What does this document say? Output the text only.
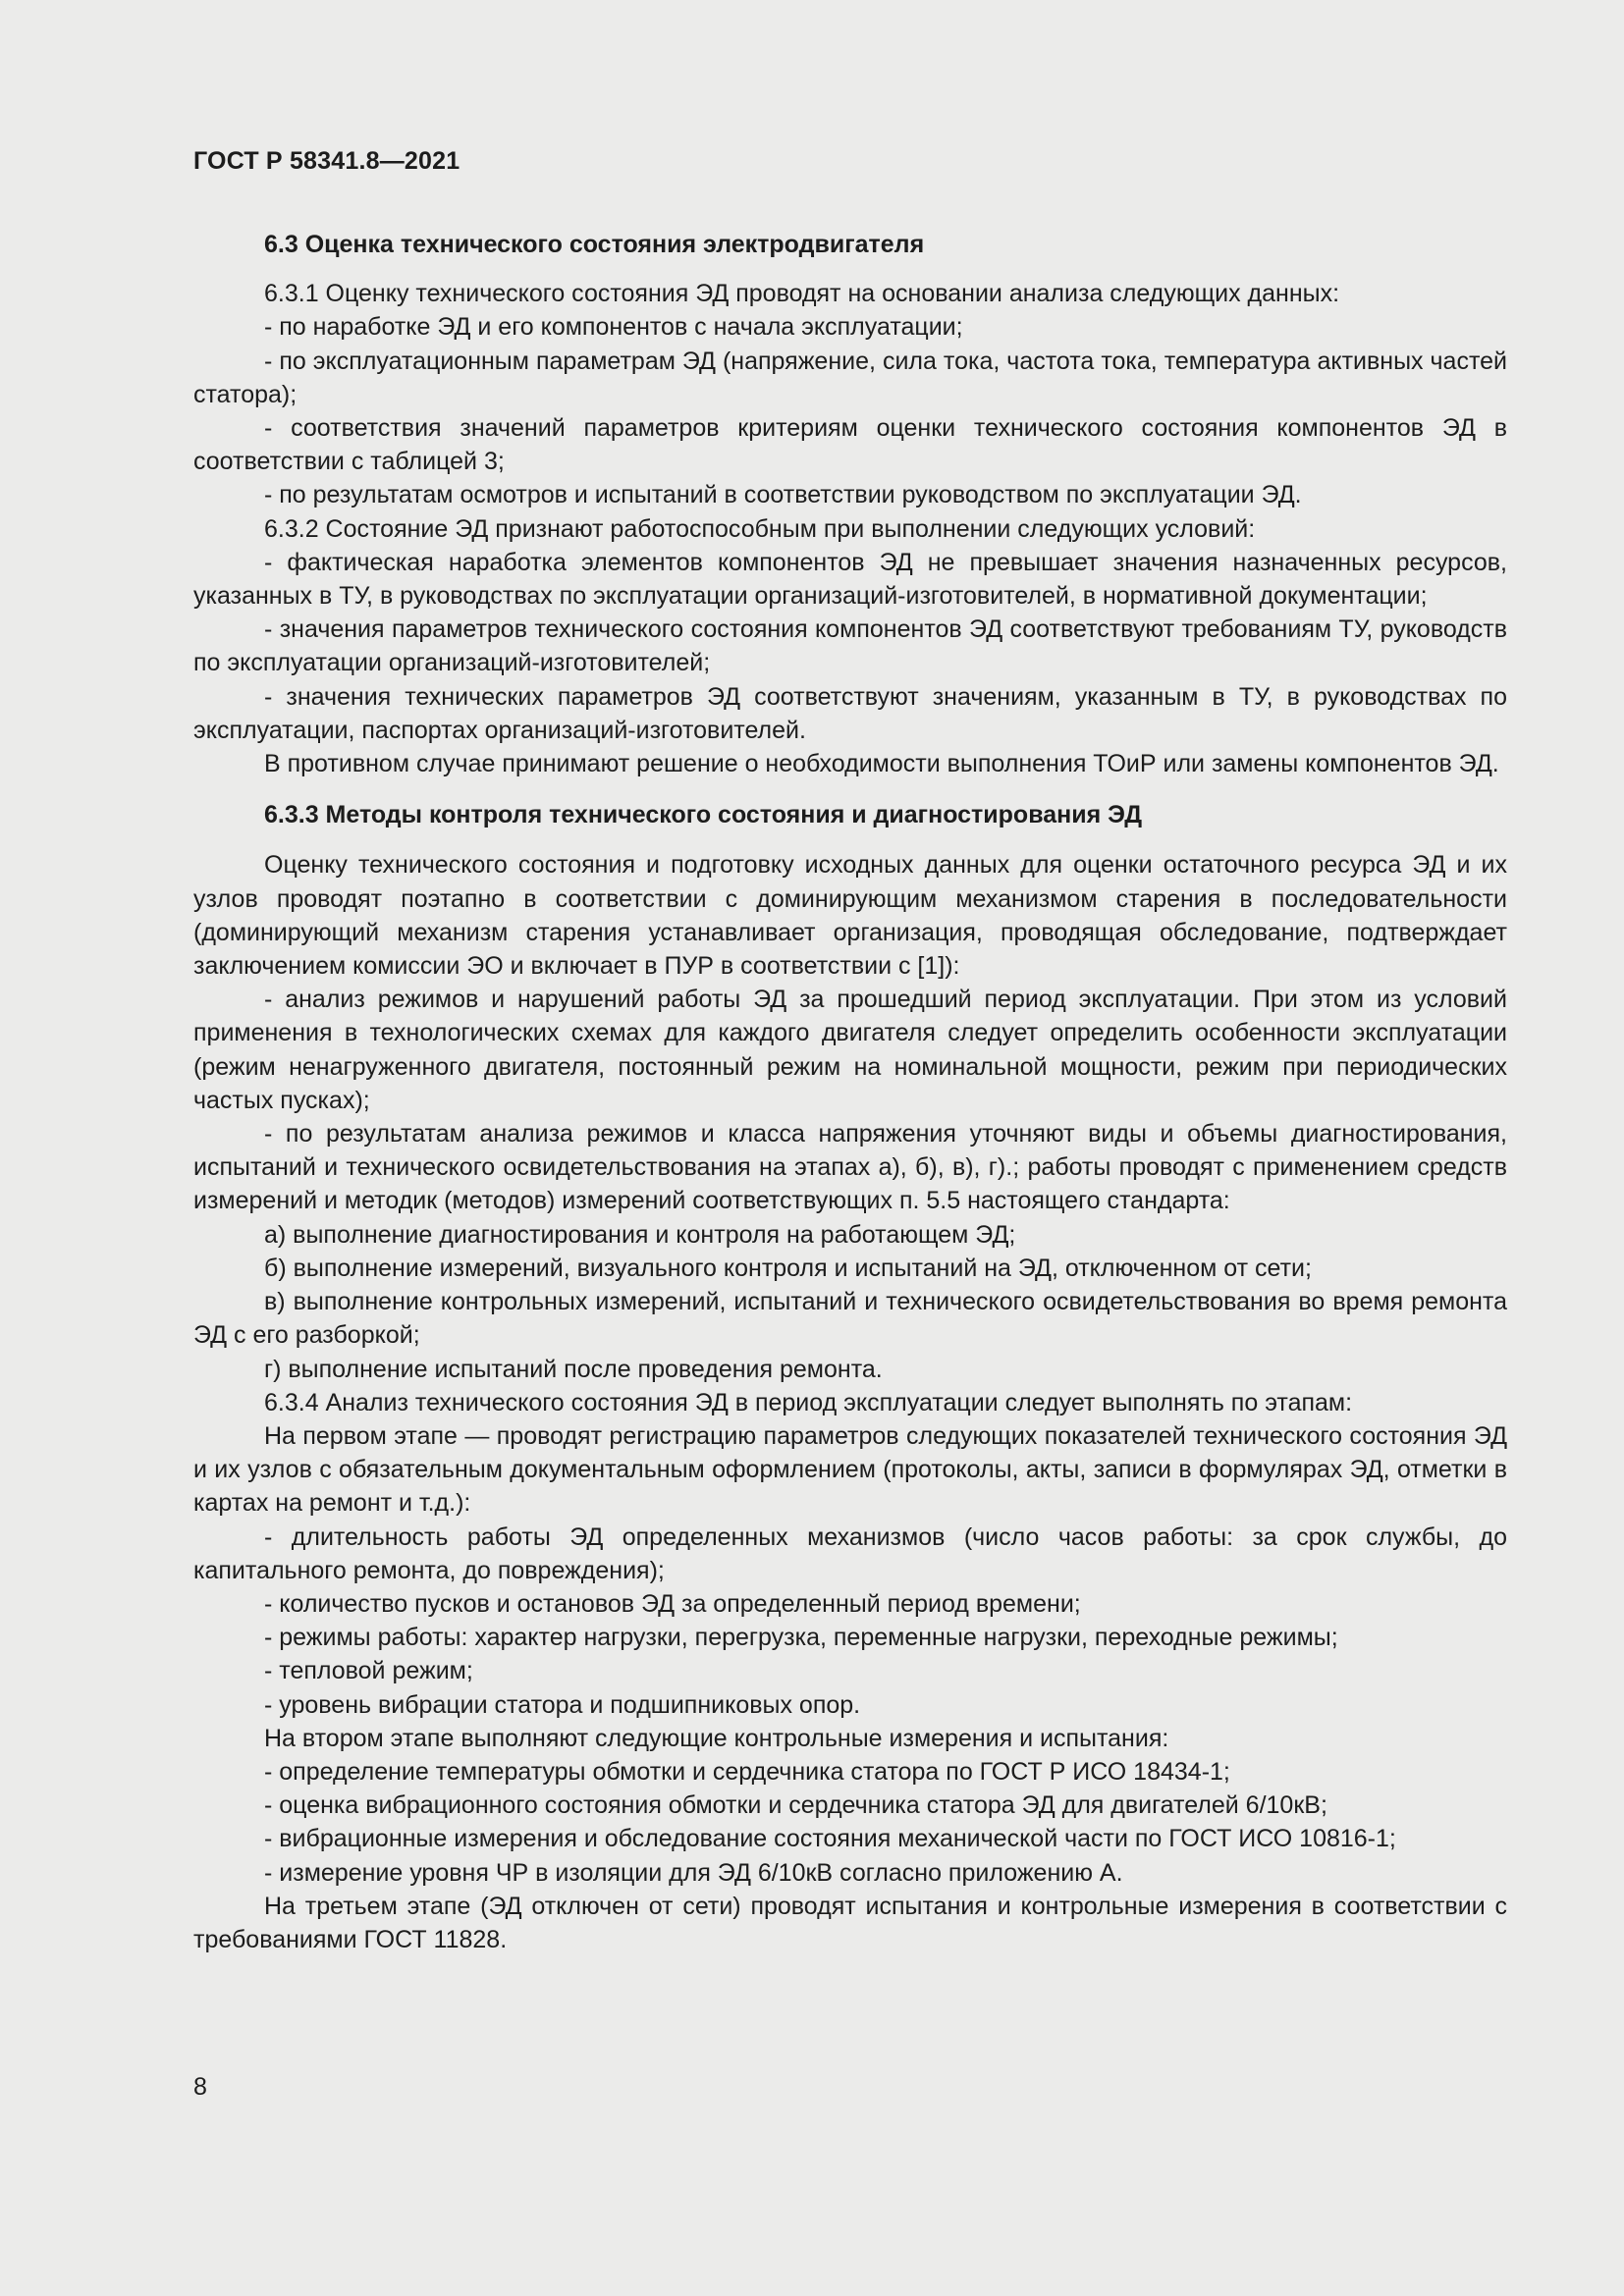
ГОСТ Р 58341.8—2021

6.3 Оценка технического состояния электродвигателя

6.3.1 Оценку технического состояния ЭД проводят на основании анализа следующих данных:

- по наработке ЭД и его компонентов с начала эксплуатации;

- по эксплуатационным параметрам ЭД (напряжение, сила тока, частота тока, температура активных частей статора);

- соответствия значений параметров критериям оценки технического состояния компонентов ЭД в соответствии с таблицей 3;

- по результатам осмотров и испытаний в соответствии руководством по эксплуатации ЭД.

6.3.2 Состояние ЭД признают работоспособным при выполнении следующих условий:

- фактическая наработка элементов компонентов ЭД не превышает значения назначенных ресурсов, указанных в ТУ, в руководствах по эксплуатации организаций-изготовителей, в нормативной документации;

- значения параметров технического состояния компонентов ЭД соответствуют требованиям ТУ, руководств по эксплуатации организаций-изготовителей;

- значения технических параметров ЭД соответствуют значениям, указанным в ТУ, в руководствах по эксплуатации, паспортах организаций-изготовителей.

В противном случае принимают решение о необходимости выполнения ТОиР или замены компонентов ЭД.

6.3.3 Методы контроля технического состояния и диагностирования ЭД

Оценку технического состояния и подготовку исходных данных для оценки остаточного ресурса ЭД и их узлов проводят поэтапно в соответствии с доминирующим механизмом старения в последовательности (доминирующий механизм старения устанавливает организация, проводящая обследование, подтверждает заключением комиссии ЭО и включает в ПУР в соответствии с [1]):

- анализ режимов и нарушений работы ЭД за прошедший период эксплуатации. При этом из условий применения в технологических схемах для каждого двигателя следует определить особенности эксплуатации (режим ненагруженного двигателя, постоянный режим на номинальной мощности, режим при периодических частых пусках);

- по результатам анализа режимов и класса напряжения уточняют виды и объемы диагностирования, испытаний и технического освидетельствования на этапах а), б), в), г).; работы проводят с применением средств измерений и методик (методов) измерений соответствующих п. 5.5 настоящего стандарта:

а) выполнение диагностирования и контроля на работающем ЭД;

б) выполнение измерений, визуального контроля и испытаний на ЭД, отключенном от сети;

в) выполнение контрольных измерений, испытаний и технического освидетельствования во время ремонта ЭД с его разборкой;

г) выполнение испытаний после проведения ремонта.

6.3.4 Анализ технического состояния ЭД в период эксплуатации следует выполнять по этапам:

На первом этапе — проводят регистрацию параметров следующих показателей технического состояния ЭД и их узлов с обязательным документальным оформлением (протоколы, акты, записи в формулярах ЭД, отметки в картах на ремонт и т.д.):

- длительность работы ЭД определенных механизмов (число часов работы: за срок службы, до капитального ремонта, до повреждения);

- количество пусков и остановов ЭД за определенный период времени;

- режимы работы: характер нагрузки, перегрузка, переменные нагрузки, переходные режимы;

- тепловой режим;

- уровень вибрации статора и подшипниковых опор.

На втором этапе выполняют следующие контрольные измерения и испытания:

- определение температуры обмотки и сердечника статора по ГОСТ Р ИСО 18434-1;

- оценка вибрационного состояния обмотки и сердечника статора ЭД для двигателей 6/10кВ;

- вибрационные измерения и обследование состояния механической части по ГОСТ ИСО 10816-1;

- измерение уровня ЧР в изоляции для ЭД 6/10кВ согласно приложению А.

На третьем этапе (ЭД отключен от сети) проводят испытания и контрольные измерения в соответствии с требованиями ГОСТ 11828.

8
